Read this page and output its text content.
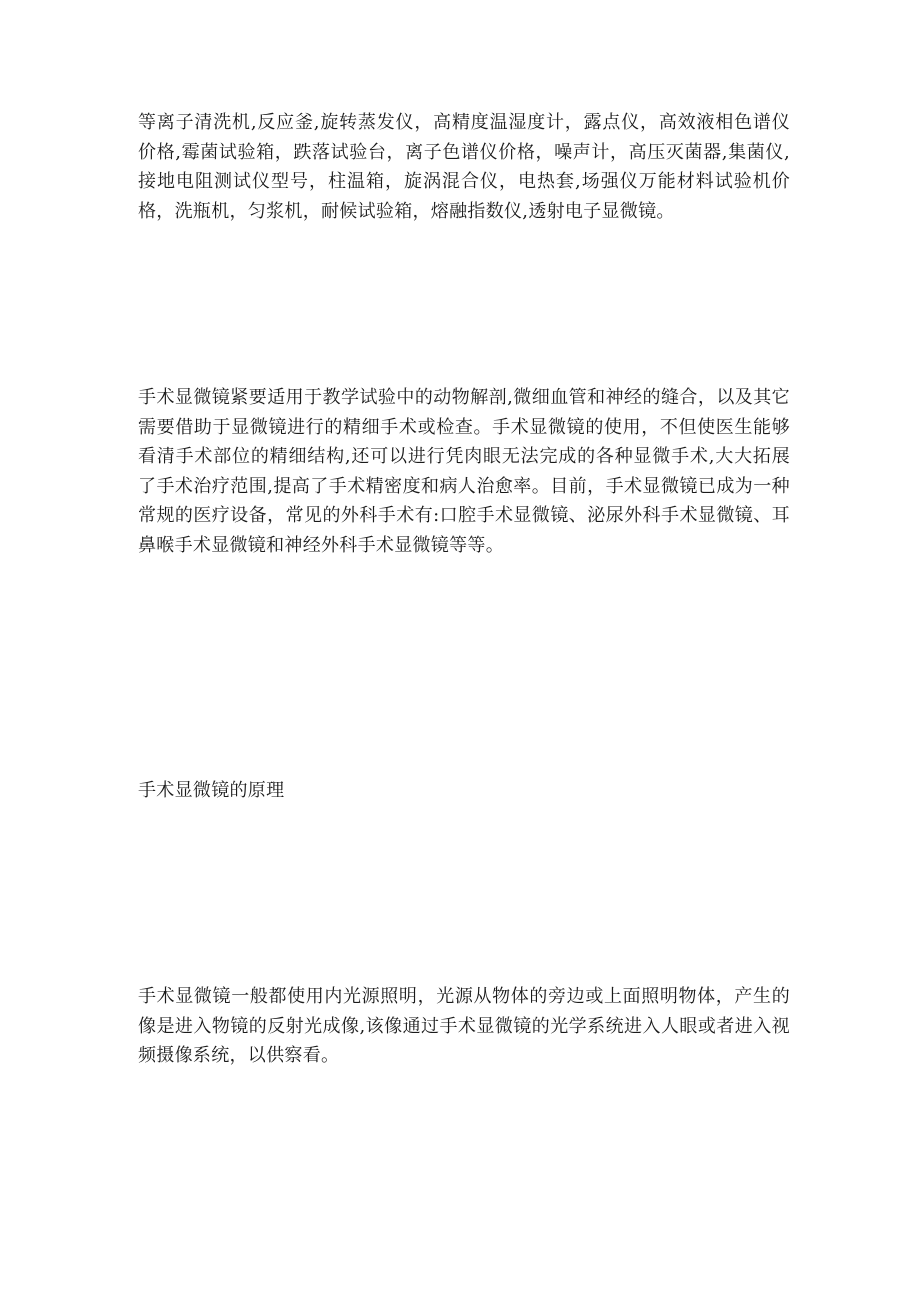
等离子清洗机,反应釜,旋转蒸发仪，高精度温湿度计，露点仪，高效液相色谱仪价格,霉菌试验箱，跌落试验台，离子色谱仪价格，噪声计，高压灭菌器,集菌仪,接地电阻测试仪型号，柱温箱，旋涡混合仪，电热套,场强仪万能材料试验机价格，洗瓶机，匀浆机，耐候试验箱，熔融指数仪,透射电子显微镜。

手术显微镜紧要适用于教学试验中的动物解剖,微细血管和神经的缝合，以及其它需要借助于显微镜进行的精细手术或检查。手术显微镜的使用，不但使医生能够看清手术部位的精细结构,还可以进行凭肉眼无法完成的各种显微手术,大大拓展了手术治疗范围,提高了手术精密度和病人治愈率。目前，手术显微镜已成为一种常规的医疗设备，常见的外科手术有:口腔手术显微镜、泌尿外科手术显微镜、耳鼻喉手术显微镜和神经外科手术显微镜等等。

手术显微镜的原理

手术显微镜一般都使用内光源照明，光源从物体的旁边或上面照明物体，产生的像是进入物镜的反射光成像,该像通过手术显微镜的光学系统进入人眼或者进入视频摄像系统，以供察看。
